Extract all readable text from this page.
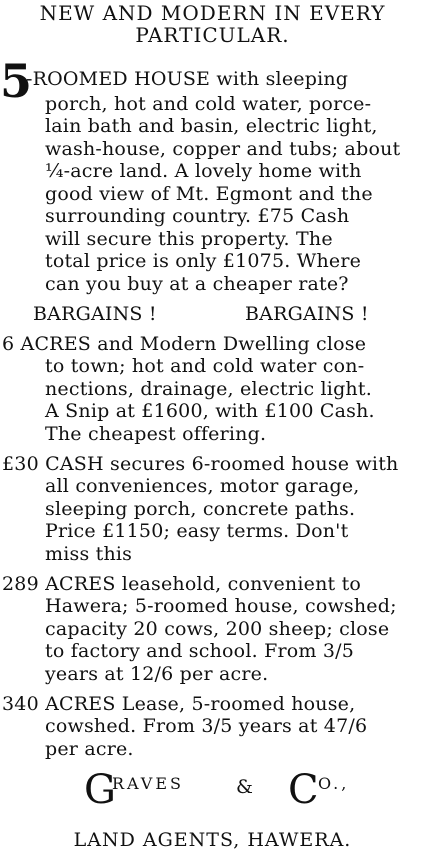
NEW AND MODERN IN EVERY
PARTICULAR.
5
-ROOMED HOUSE with sleeping
porch, hot and cold water, porce-
lain bath and basin, electric light,
wash-house, copper and tubs; about
¼-acre land. A lovely home with
good view of Mt. Egmont and the
surrounding country. £75 Cash
will secure this property. The
total price is only £1075. Where
can you buy at a cheaper rate?
BARGAINS !	BARGAINS !
6 ACRES and Modern Dwelling close
to town; hot and cold water con-
nections, drainage, electric light.
A Snip at £1600, with £100 Cash.
The cheapest offering.
£30 CASH secures 6-roomed house with
all conveniences, motor garage,
sleeping porch, concrete paths.
Price £1150; easy terms. Don't
miss this
289 ACRES leasehold, convenient to
Hawera; 5-roomed house, cowshed;
capacity 20 cows, 200 sheep; close
to factory and school. From 3/5
years at 12/6 per acre.
340 ACRES Lease, 5-roomed house,
cowshed. From 3/5 years at 47/6
per acre.
G
RAVES	& C O.,
LAND AGENTS, HAWERA.
